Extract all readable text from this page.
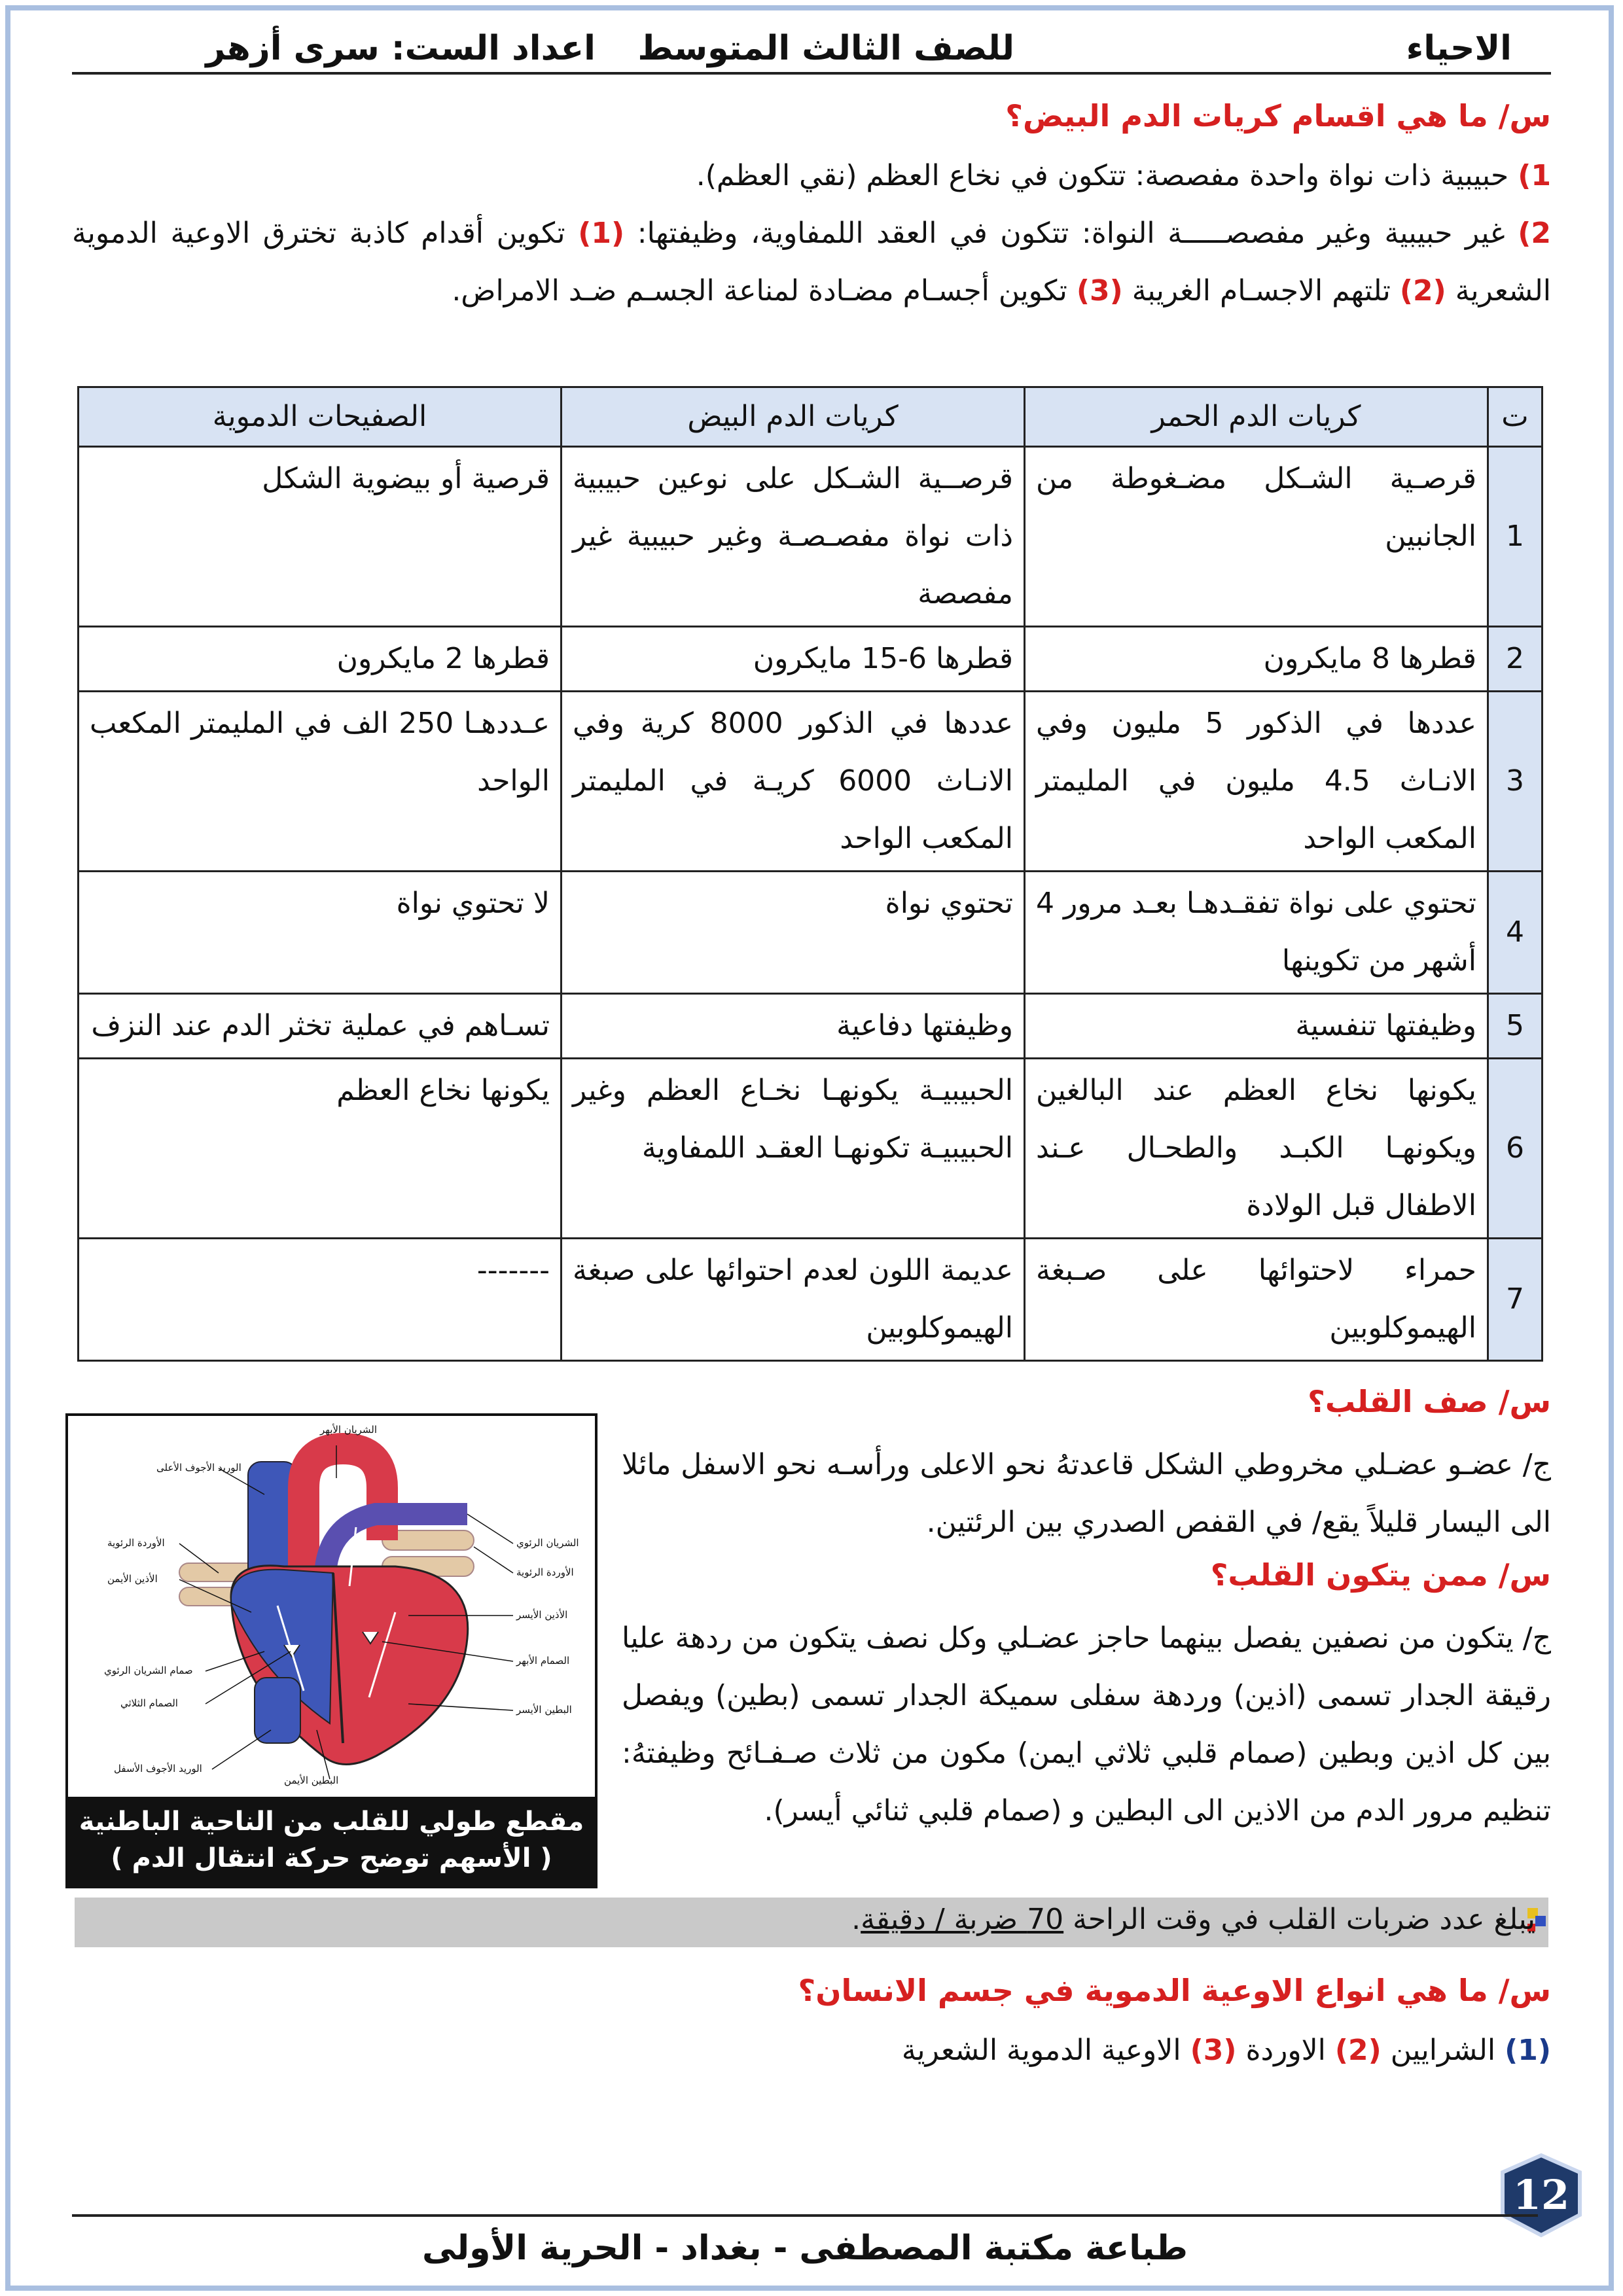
الاحياء
للصف الثالث المتوسط
اعداد الست: سرى أزهر
س/ ما هي اقسام كريات الدم البيض؟
1) حبيبية ذات نواة واحدة مفصصة: تتكون في نخاع العظم (نقي العظم).
2) غير حبيبية وغير مفصصـــــة النواة: تتكون في العقد اللمفاوية، وظيفتها: (1) تكوين أقدام كاذبة تخترق الاوعية الدموية الشعرية (2) تلتهم الاجسـام الغريبة (3) تكوين أجسـام مضـادة لمناعة الجسـم ضـد الامراض.
ت	كريات الدم الحمر	كريات الدم البيض	الصفيحات الدموية
1	قرصـية الشـكل مضـغوطة من الجانبين	قرصــية الشـكل على نوعين حبيبية ذات نواة مفصـصـة وغير حبيبية غير مفصصة	قرصية أو بيضوية الشكل
2	قطرها 8 مايكرون	قطرها 6-15 مايكرون	قطرها 2 مايكرون
3	عددها في الذكور 5 مليون وفي الانـاث 4.5 مليون في المليمتر المكعب الواحد	عددها في الذكور 8000 كرية وفي الانـاث 6000 كريـة في المليمتر المكعب الواحد	عـددهـا 250 الف في المليمتر المكعب الواحد
4	تحتوي على نواة تفقـدهـا بعـد مرور 4 أشهر من تكوينها	تحتوي نواة	لا تحتوي نواة
5	وظيفتها تنفسية	وظيفتها دفاعية	تسـاهم في عملية تخثر الدم عند النزف
6	يكونها نخاع العظم عند البالغين ويكونهـا الكبـد والطحـال عـند الاطفال قبل الولادة	الحبيبيـة يكونهـا نخـاع العظم وغير الحبيبيـة تكونهـا العقـد اللمفاوية	يكونها نخاع العظم
7	حمراء لاحتوائها على صـبغة الهيموكلوبين	عديمة اللون لعدم احتوائها على صبغة الهيموكلوبين	-------
س/ صف القلب؟
ج/ عضـو عضـلي مخروطي الشكل قاعدتهُ نحو الاعلى ورأسـه نحو الاسفل مائلا الى اليسار قليلاً يقع/ في القفص الصدري بين الرئتين.
س/ ممن يتكون القلب؟
ج/ يتكون من نصفين يفصل بينهما حاجز عضـلي وكل نصف يتكون من ردهة عليا رقيقة الجدار تسمى (اذين) وردهة سفلى سميكة الجدار تسمى (بطين) ويفصل بين كل اذين وبطين (صمام قلبي ثلاثي ايمن) مكون من ثلاث صـفـائح وظيفتهُ: تنظيم مرور الدم من الاذين الى البطين و (صمام قلبي ثنائي أيسر).
الشريان الأبهر
الوريد الأجوف الأعلى
الأوردة الرئوية
الأذين الأيمن
صمام الشريان الرئوي
الصمام الثلاثي
الوريد الأجوف الأسفل
البطين الأيمن
الشريان الرئوي
الأوردة الرئوية
الأذين الأيسر
الصمام الأبهر
البطين الأيسر
مقطع طولي للقلب من الناحية الباطنية
( الأسهم توضح حركة انتقال الدم )
يبلغ عدد ضربات القلب في وقت الراحة 70 ضربة / دقيقة.
س/ ما هي انواع الاوعية الدموية في جسم الانسان؟
(1) الشرايين (2) الاوردة (3) الاوعية الدموية الشعرية
12
طباعة مكتبة المصطفى - بغداد - الحرية الأولى
